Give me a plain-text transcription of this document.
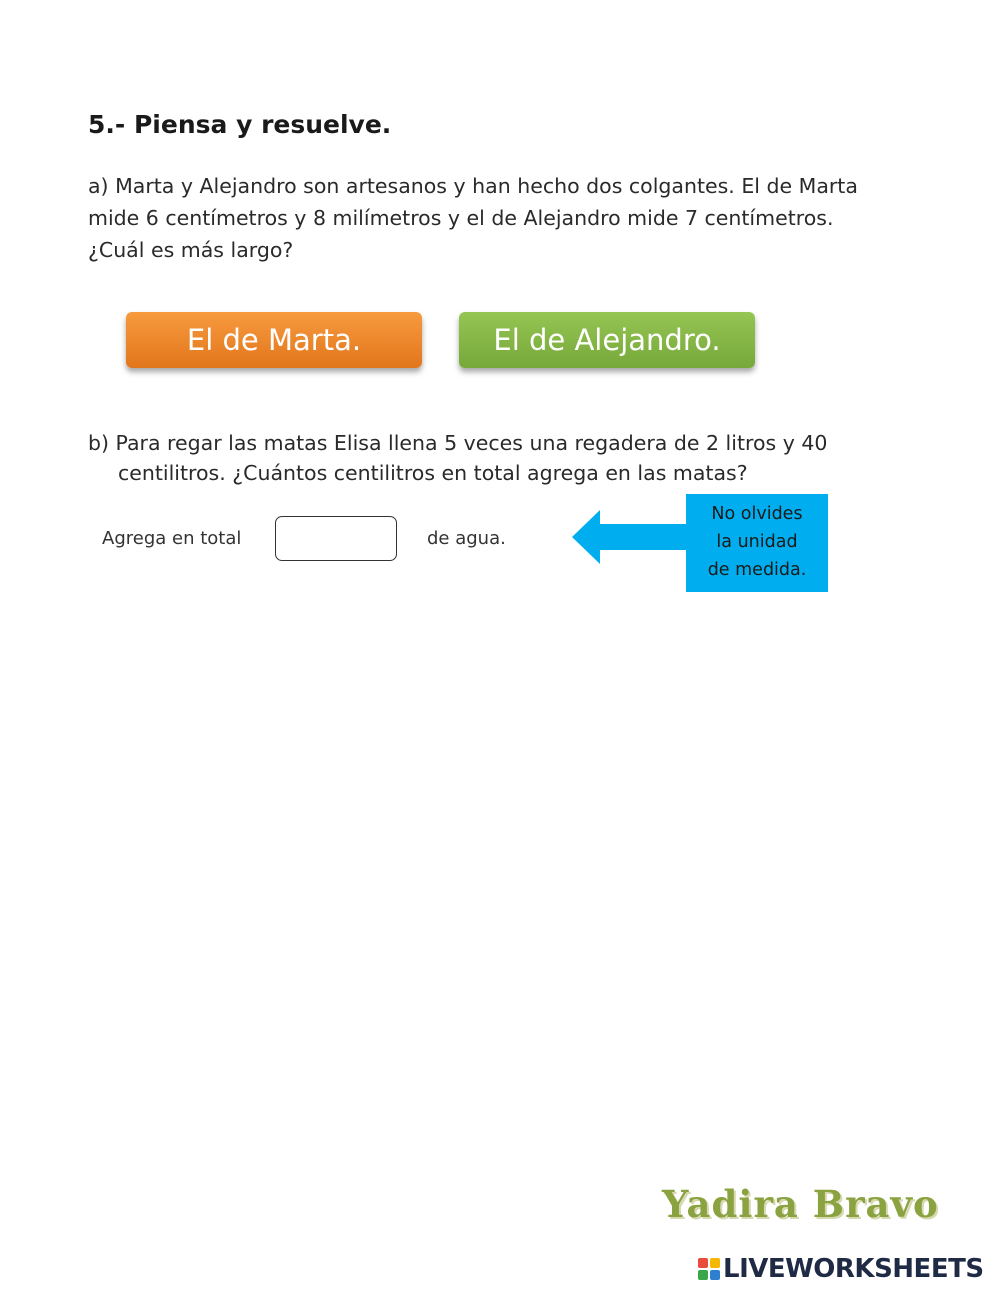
5.- Piensa y resuelve.
a) Marta y Alejandro son artesanos y han hecho dos colgantes. El de Marta
mide 6 centímetros y 8 milímetros y el de Alejandro mide 7 centímetros.
¿Cuál es más largo?
El de Marta.	El de Alejandro.
b) Para regar las matas Elisa llena 5 veces una regadera de 2 litros y 40
centilitros. ¿Cuántos centilitros en total agrega en las matas?
Agrega en total	de agua.
No olvides
la unidad
de medida.
Yadira Bravo
LIVEWORKSHEETS
